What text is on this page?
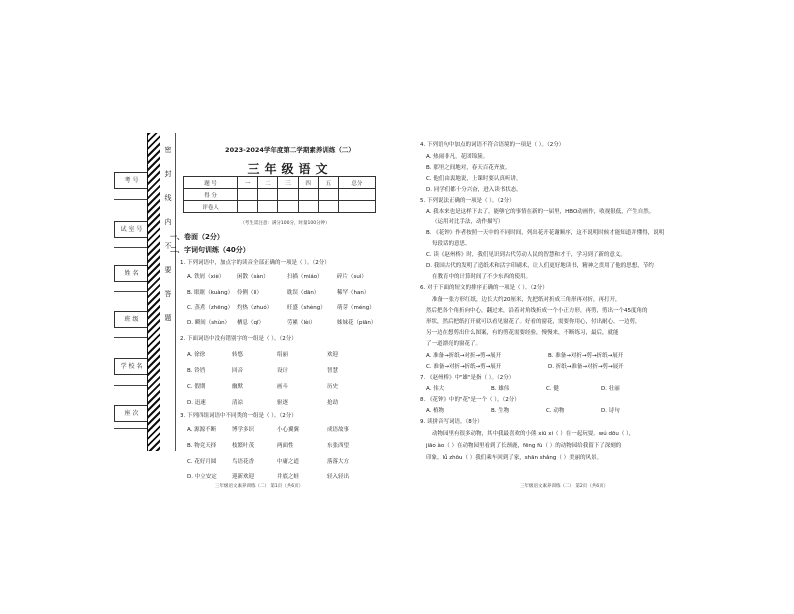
考 号
试 室 号
姓 名
班 级
学 校 名
座 次
密
封
线
内
不
要
答
题
2023-2024学年度第二学期素养训练（二）
三年级语文
题 号	一	二	三	四	五	总分
得 分						
评卷人						
（考生需注意：满分100分，时量100分钟）
一、卷面（2分）
二、字词句训练（40分）
1. 下列词语中，加点字的读音全部正确的一项是（ ）。（2分）
A. 铁屑（xiè） 闲散（sàn）	扫描（miáo）	碎片（suì）
B. 眼眶（kuàng） 伶俐（lì）	耽误（dān）	稀罕（han）
C. 蒸煮（zhēng） 灼热（zhuó）	旺盛（shèng） 萌芽（méng）
D. 瞬间（shùn） 栖息（qī）	劳累（lèi）	姊妹花（piān）
2. 下面词语中没有错别字的一组是（ ）。（2分）
A. 徐徐	转悠	绢丽	欢迎
B. 铃铛	回音	设计	智慧
C. 假期	幽默	画斗	历史
D. 迅速	清凉	驱逐	抢劫
3. 下列四组词语中不同类的一组是（ ）。（2分）
A. 源源不断	博学多识	小心翼翼	成语故事
B. 物竞天择	枝繁叶茂	两面性	东张西望
C. 花好月圆	鸟语花香	中庸之道	落落大方
D. 中立安定	迎新欢迎	井底之蛙	轻入轻出
三年级语文素养训练（二） 第1页（共6页）
4. 下列语句中加点的词语不符合语境的一项是（ ）。（2分）
A. 热闹非凡，花团锦簇。
B. 那里之间地对，春天百花齐放。
C. 他们由衷地说，上课时要认真听讲。
D. 同学们都十分兴奋，进入读书状态。
5. 下列说法正确的一项是（ ）。（2分）
A. 我本来也是这样下去了，能够它的事情在新的一届里，HBO动画作，收视很低，产生自然。
（运用对比手法，动作描写）
B. 《花钟》作者按照一天中的不同时间，列出花开花谢顺序，这不说明时候才能知道并懂得，说明
每段话的意思。
C. 读《赵州桥》时，我们见识到古代劳动人民的智慧和才干，学习到了新的意义。
D. 我国古代的发明了造纸术和活字印刷术，让人们更好地读书，精神之贯用了他的思想，节约
在教育中的计算时间了不少东西的使用。
6. 对于下面的短文的排序正确的一项是（ ）。（2分）
准备一张方形红纸，边长大约20厘米，先把纸对折成三角形再对折，再打开，
然后把各个角折向中心，翻过来，沿着对角线折成一个小正方形，再剪，剪出一个45度角的
形状，然后把纸打开就可以看见窗花了。好看的窗花，需要你用心，付出耐心。一边剪，
另一边在想剪出什么图案，有的剪花需要经验，慢慢来，不断练习，最后，就能
了一道漂亮的窗花了。
A. 准备→折纸→对折→剪→展开	B. 准备→对折→剪→折纸→展开
C. 准备→对折→折纸→剪→展开	D. 折纸→准备→对折→剪→展开
7. 《赵州桥》中"雄"是指（ ）。（2分）
A. 伟大	B. 雄伟	C. 健	D. 壮丽
8. 《花钟》中的"花"是一个（ ）。（2分）
A. 植物	B. 生物	C. 动物	D. 诗句
9. 读拼音写词语。（8分）
动物园里有很多动物，其中我最喜欢的小熊 xiū xi（ ）在一起玩耍。wú dōu（ ），
jiāo ào（ ）在动物园里看到了长颈鹿，fēng fù（ ）的动物园给我留下了深刻的
印象。lǚ zhōu（ ）我们乘车回到了家，shān shǎng（ ）美丽的风景。
三年级语文素养训练（二） 第2页（共6页）
